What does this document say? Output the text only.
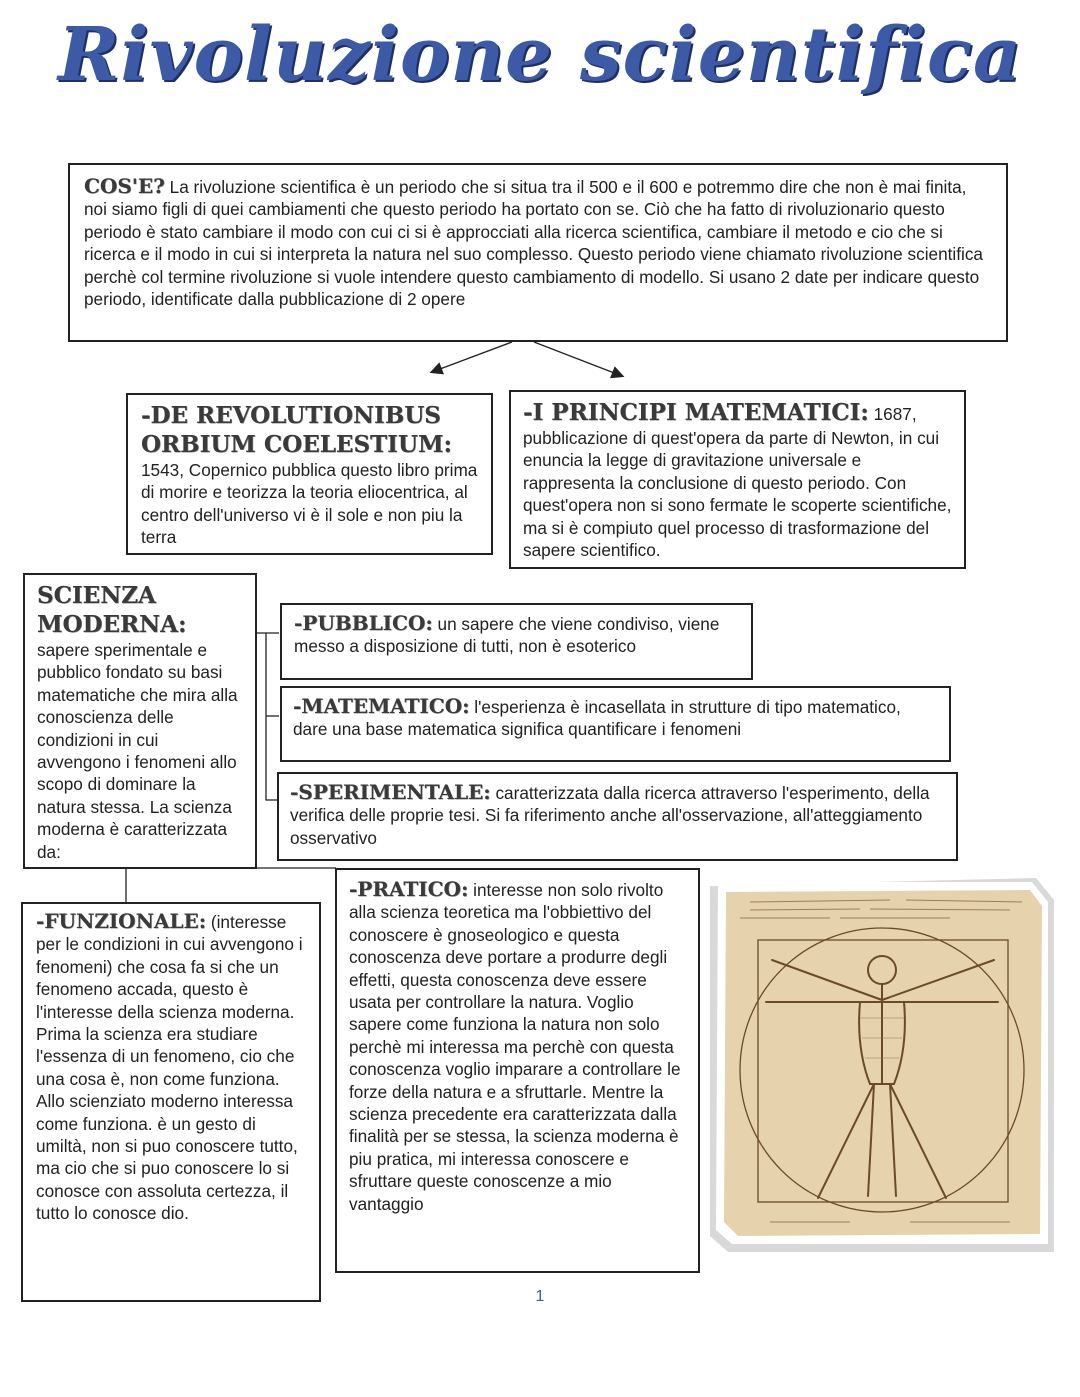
Rivoluzione scientifica
COS'E? La rivoluzione scientifica è un periodo che si situa tra il 500 e il 600 e potremmo dire che non è mai finita, noi siamo figli di quei cambiamenti che questo periodo ha portato con se. Ciò che ha fatto di rivoluzionario questo periodo è stato cambiare il modo con cui ci si è approcciati alla ricerca scientifica, cambiare il metodo e cio che si ricerca e il modo in cui si interpreta la natura nel suo complesso. Questo periodo viene chiamato rivoluzione scientifica perchè col termine rivoluzione si vuole intendere questo cambiamento di modello. Si usano 2 date per indicare questo periodo, identificate dalla pubblicazione di 2 opere
-DE REVOLUTIONIBUS ORBIUM COELESTIUM:
1543, Copernico pubblica questo libro prima di morire e teorizza la teoria eliocentrica, al centro dell'universo vi è il sole e non piu la terra
-I PRINCIPI MATEMATICI: 1687, pubblicazione di quest'opera da parte di Newton, in cui enuncia la legge di gravitazione universale e rappresenta la conclusione di questo periodo. Con quest'opera non si sono fermate le scoperte scientifiche, ma si è compiuto quel processo di trasformazione del sapere scientifico.
SCIENZA MODERNA:
sapere sperimentale e pubblico fondato su basi matematiche che mira alla conoscienza delle condizioni in cui avvengono i fenomeni allo scopo di dominare la natura stessa. La scienza moderna è caratterizzata da:
-PUBBLICO: un sapere che viene condiviso, viene messo a disposizione di tutti, non è esoterico
-MATEMATICO: l'esperienza è incasellata in strutture di tipo matematico, dare una base matematica significa quantificare i fenomeni
-SPERIMENTALE: caratterizzata dalla ricerca attraverso l'esperimento, della verifica delle proprie tesi. Si fa riferimento anche all'osservazione, all'atteggiamento osservativo
-FUNZIONALE: (interesse per le condizioni in cui avvengono i fenomeni) che cosa fa si che un fenomeno accada, questo è l'interesse della scienza moderna. Prima la scienza era studiare l'essenza di un fenomeno, cio che una cosa è, non come funziona. Allo scienziato moderno interessa come funziona. è un gesto di umiltà, non si puo conoscere tutto, ma cio che si puo conoscere lo si conosce con assoluta certezza, il tutto lo conosce dio.
-PRATICO: interesse non solo rivolto alla scienza teoretica ma l'obbiettivo del conoscere è gnoseologico e questa conoscenza deve portare a produrre degli effetti, questa conoscenza deve essere usata per controllare la natura. Voglio sapere come funziona la natura non solo perchè mi interessa ma perchè con questa conoscenza voglio imparare a controllare le forze della natura e a sfruttarle. Mentre la scienza precedente era caratterizzata dalla finalità per se stessa, la scienza moderna è piu pratica, mi interessa conoscere e sfruttare queste conoscenze a mio vantaggio
1
